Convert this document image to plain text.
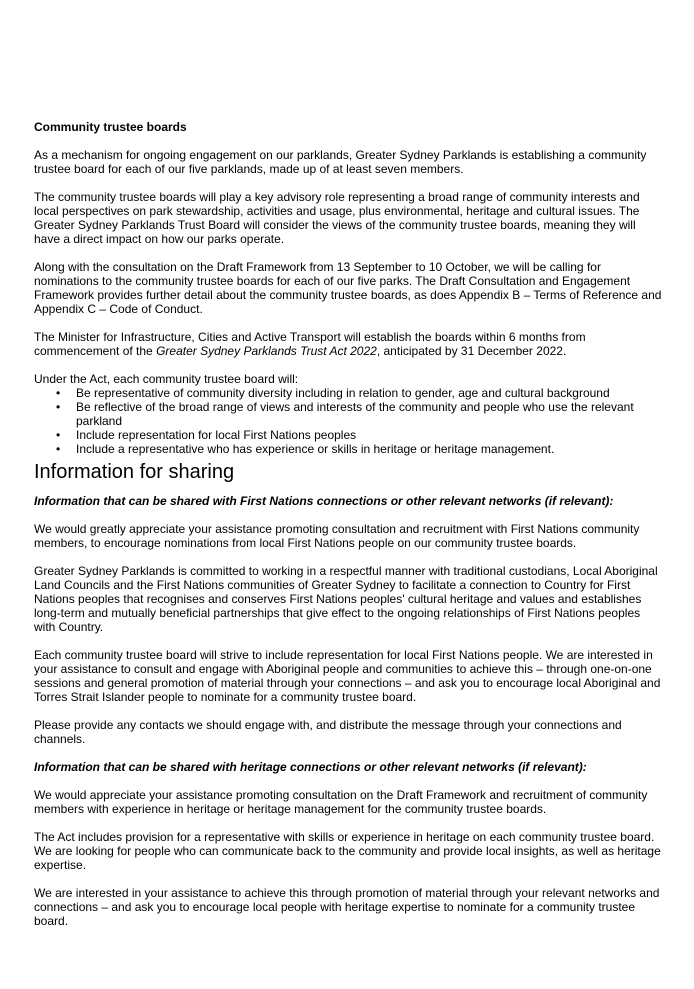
Community trustee boards

As a mechanism for ongoing engagement on our parklands, Greater Sydney Parklands is establishing a community trustee board for each of our five parklands, made up of at least seven members.

The community trustee boards will play a key advisory role representing a broad range of community interests and local perspectives on park stewardship, activities and usage, plus environmental, heritage and cultural issues. The Greater Sydney Parklands Trust Board will consider the views of the community trustee boards, meaning they will have a direct impact on how our parks operate.

Along with the consultation on the Draft Framework from 13 September to 10 October, we will be calling for nominations to the community trustee boards for each of our five parks. The Draft Consultation and Engagement Framework provides further detail about the community trustee boards, as does Appendix B – Terms of Reference and Appendix C – Code of Conduct.

The Minister for Infrastructure, Cities and Active Transport will establish the boards within 6 months from commencement of the Greater Sydney Parklands Trust Act 2022, anticipated by 31 December 2022.

Under the Act, each community trustee board will:

• Be representative of community diversity including in relation to gender, age and cultural background
• Be reflective of the broad range of views and interests of the community and people who use the relevant parkland
• Include representation for local First Nations peoples
• Include a representative who has experience or skills in heritage or heritage management.
Information for sharing
Information that can be shared with First Nations connections or other relevant networks (if relevant):

We would greatly appreciate your assistance promoting consultation and recruitment with First Nations community members, to encourage nominations from local First Nations people on our community trustee boards.

Greater Sydney Parklands is committed to working in a respectful manner with traditional custodians, Local Aboriginal Land Councils and the First Nations communities of Greater Sydney to facilitate a connection to Country for First Nations peoples that recognises and conserves First Nations peoples' cultural heritage and values and establishes long-term and mutually beneficial partnerships that give effect to the ongoing relationships of First Nations peoples with Country.

Each community trustee board will strive to include representation for local First Nations people. We are interested in your assistance to consult and engage with Aboriginal people and communities to achieve this – through one-on-one sessions and general promotion of material through your connections – and ask you to encourage local Aboriginal and Torres Strait Islander people to nominate for a community trustee board.

Please provide any contacts we should engage with, and distribute the message through your connections and channels.

Information that can be shared with heritage connections or other relevant networks (if relevant):

We would appreciate your assistance promoting consultation on the Draft Framework and recruitment of community members with experience in heritage or heritage management for the community trustee boards.

The Act includes provision for a representative with skills or experience in heritage on each community trustee board. We are looking for people who can communicate back to the community and provide local insights, as well as heritage expertise.

We are interested in your assistance to achieve this through promotion of material through your relevant networks and connections – and ask you to encourage local people with heritage expertise to nominate for a community trustee board.
